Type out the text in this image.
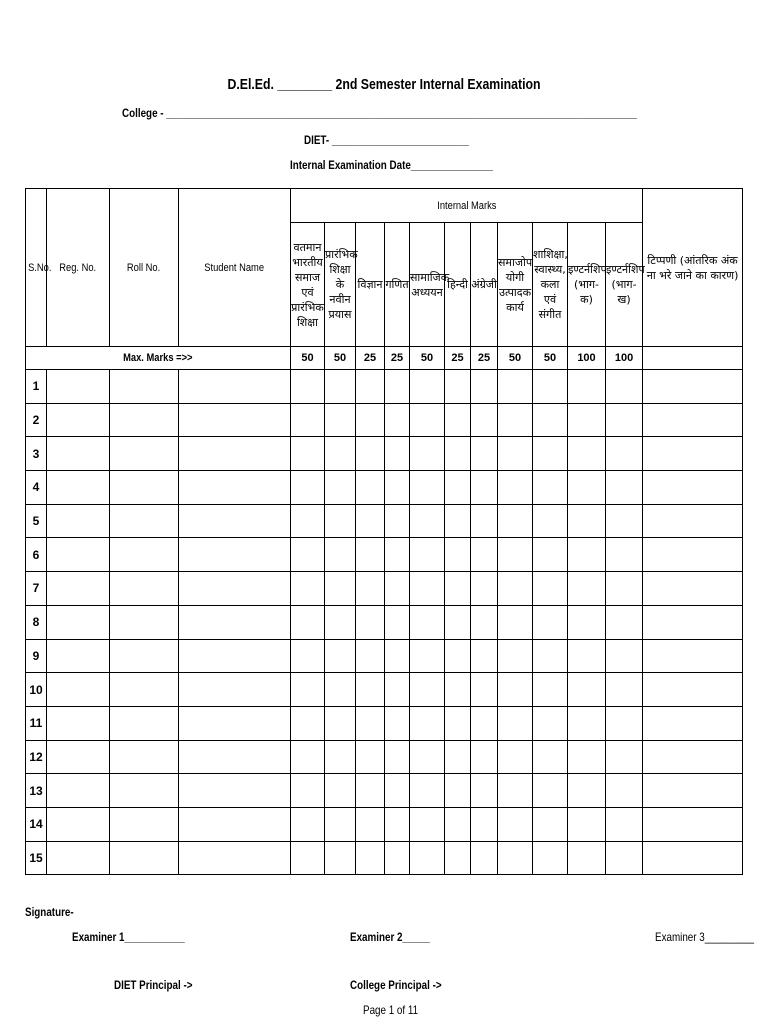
D.El.Ed. ________ 2nd Semester Internal Examination
College - ______________________________________________________________________________________
DIET- _________________________
Internal Examination Date_______________
S.No.	Reg. No.	Roll No.	Student Name	Internal Marks											टिप्पणी (आंतरिक अंक ना भरे जाने का कारण)
				वतमान भारतीय समाज एवं प्रारंभिक शिक्षा	प्रारंभिक शिक्षा के नवीन प्रयास	विज्ञान	गणित	सामाजिक अध्ययन	हिन्दी	अंग्रेजी	समाजोप योगी उत्पादक कार्य	शाशिक्षा, स्वास्थ्य, कला एवं संगीत	इण्टर्नशिप (भाग-क)	इण्टर्नशिप (भाग-ख)	
Max. Marks =>>				50	50	25	25	50	25	25	50	50	100	100	
1															
2															
3															
4															
5															
6															
7															
8															
9															
10															
11															
12															
13															
14															
15															
Signature-
Examiner 1___________	Examiner 2_____	Examiner 3_________
DIET Principal ->	College Principal ->
Page 1 of 11
